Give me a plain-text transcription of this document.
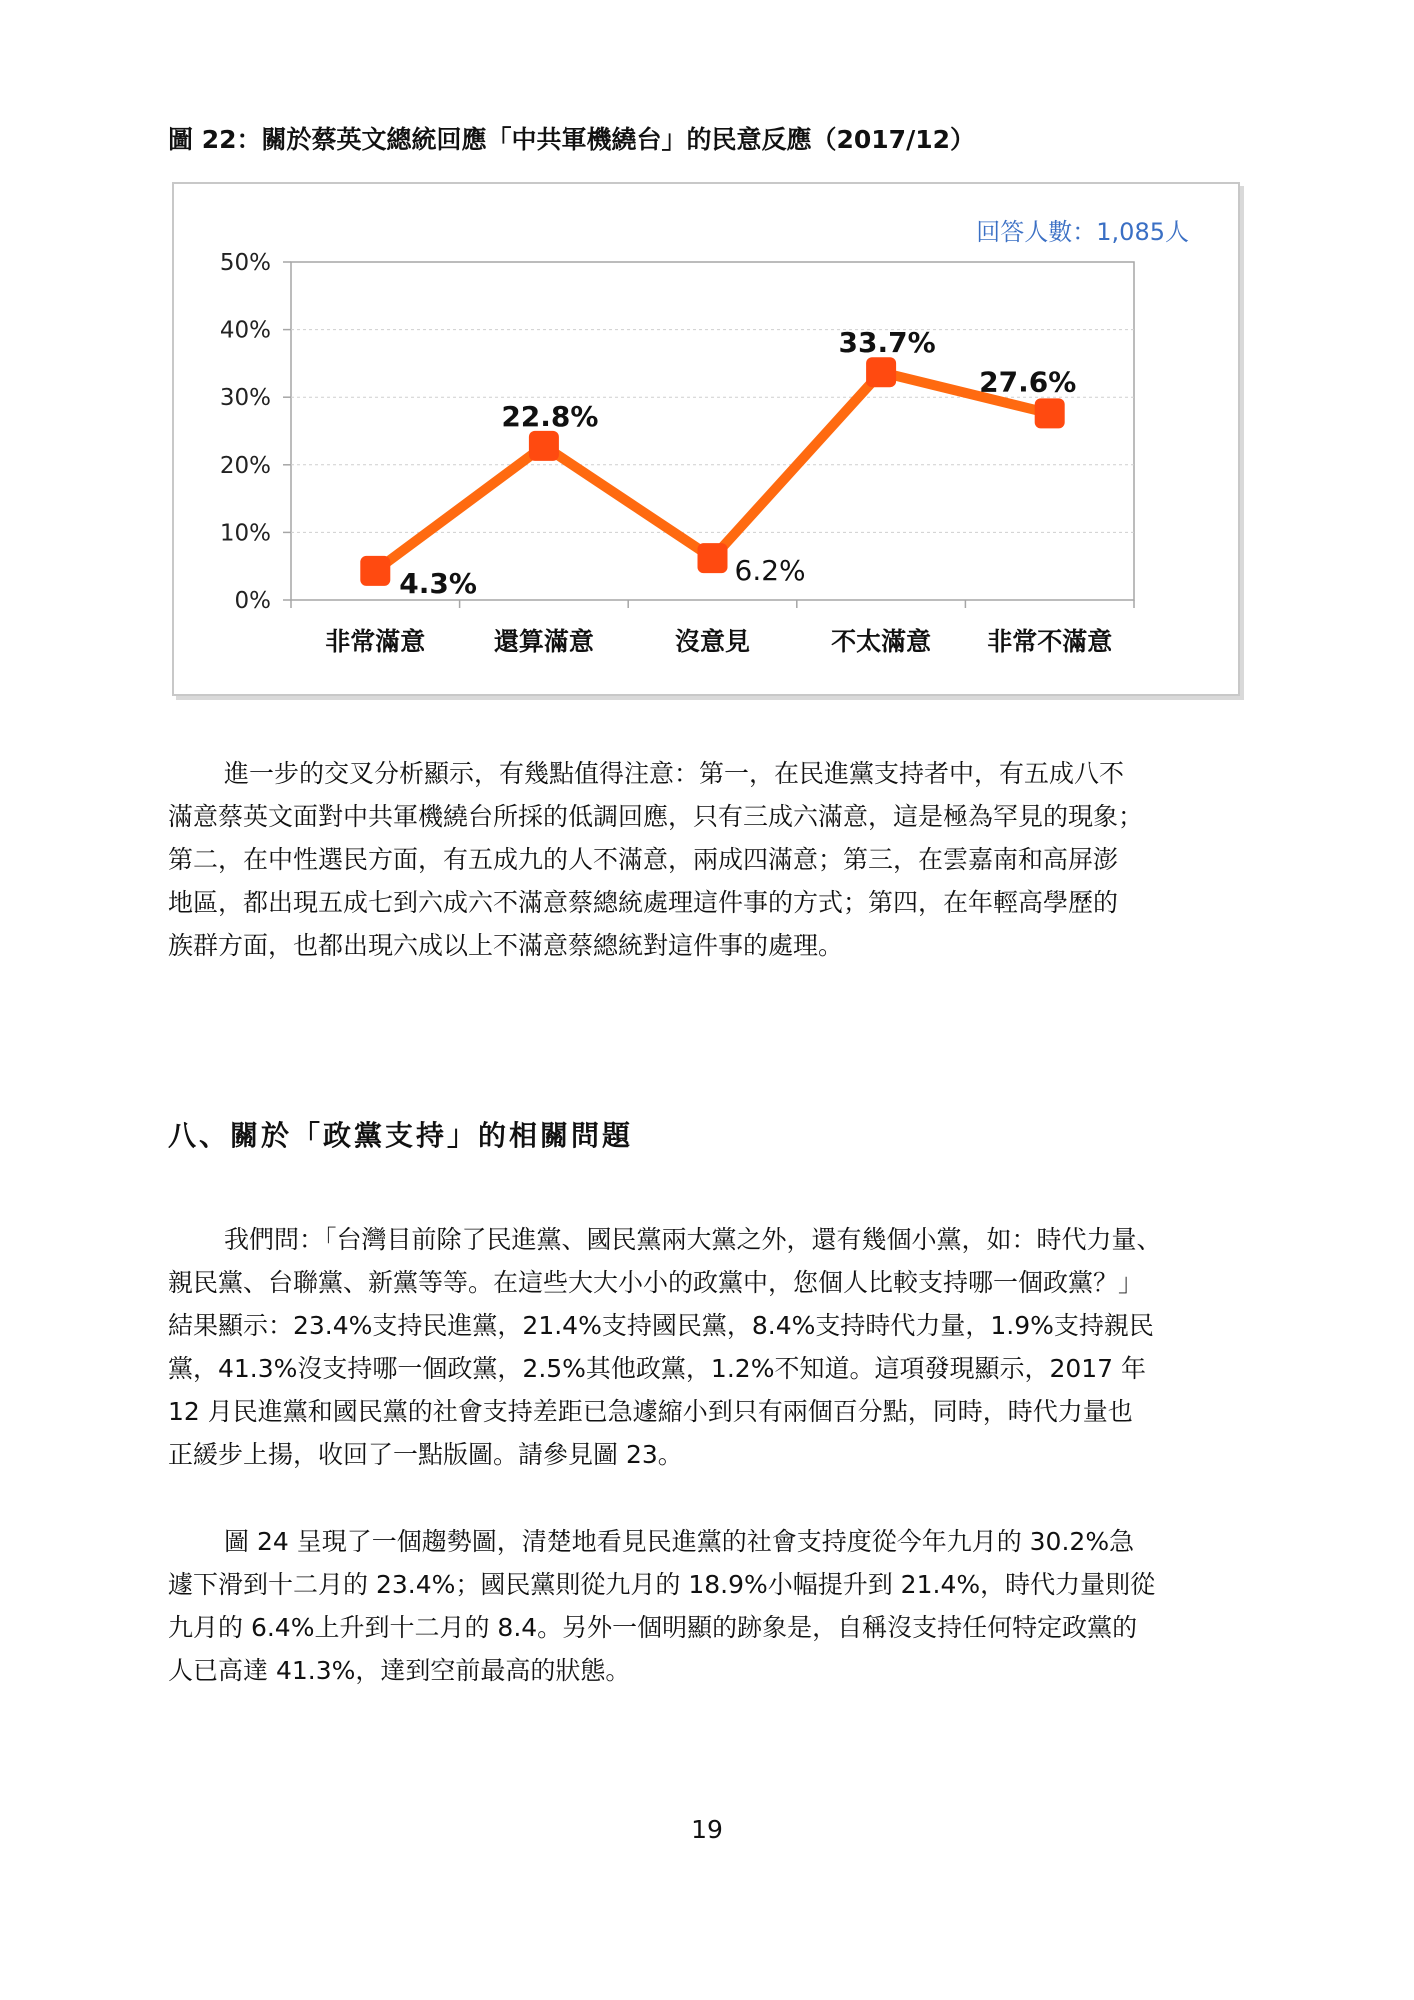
圖 22：關於蔡英文總統回應「中共軍機繞台」的民意反應（2017/12）
回答人數：1,085人
0%
10%
20%
30%
40%
50%
非常滿意	還算滿意	沒意見	不太滿意 非常不滿意
4.3%
22.8%
6.2%
33.7%
27.6%
進一步的交叉分析顯示，有幾點值得注意：第一，在民進黨支持者中，有五成八不
滿意蔡英文面對中共軍機繞台所採的低調回應，只有三成六滿意，這是極為罕見的現象；
第二，在中性選民方面，有五成九的人不滿意，兩成四滿意；第三，在雲嘉南和高屏澎
地區，都出現五成七到六成六不滿意蔡總統處理這件事的方式；第四，在年輕高學歷的
族群方面，也都出現六成以上不滿意蔡總統對這件事的處理。
八、關於「政黨支持」的相關問題
我們問：「台灣目前除了民進黨、國民黨兩大黨之外，還有幾個小黨，如：時代力量、
親民黨、台聯黨、新黨等等。在這些大大小小的政黨中，您個人比較支持哪一個政黨？」
結果顯示：23.4%支持民進黨，21.4%支持國民黨，8.4%支持時代力量，1.9%支持親民
黨，41.3%沒支持哪一個政黨，2.5%其他政黨，1.2%不知道。這項發現顯示，2017 年
12 月民進黨和國民黨的社會支持差距已急遽縮小到只有兩個百分點，同時，時代力量也
正緩步上揚，收回了一點版圖。請參見圖 23。
圖 24 呈現了一個趨勢圖，清楚地看見民進黨的社會支持度從今年九月的 30.2%急
遽下滑到十二月的 23.4%；國民黨則從九月的 18.9%小幅提升到 21.4%，時代力量則從
九月的 6.4%上升到十二月的 8.4。另外一個明顯的跡象是，自稱沒支持任何特定政黨的
人已高達 41.3%，達到空前最高的狀態。
19
